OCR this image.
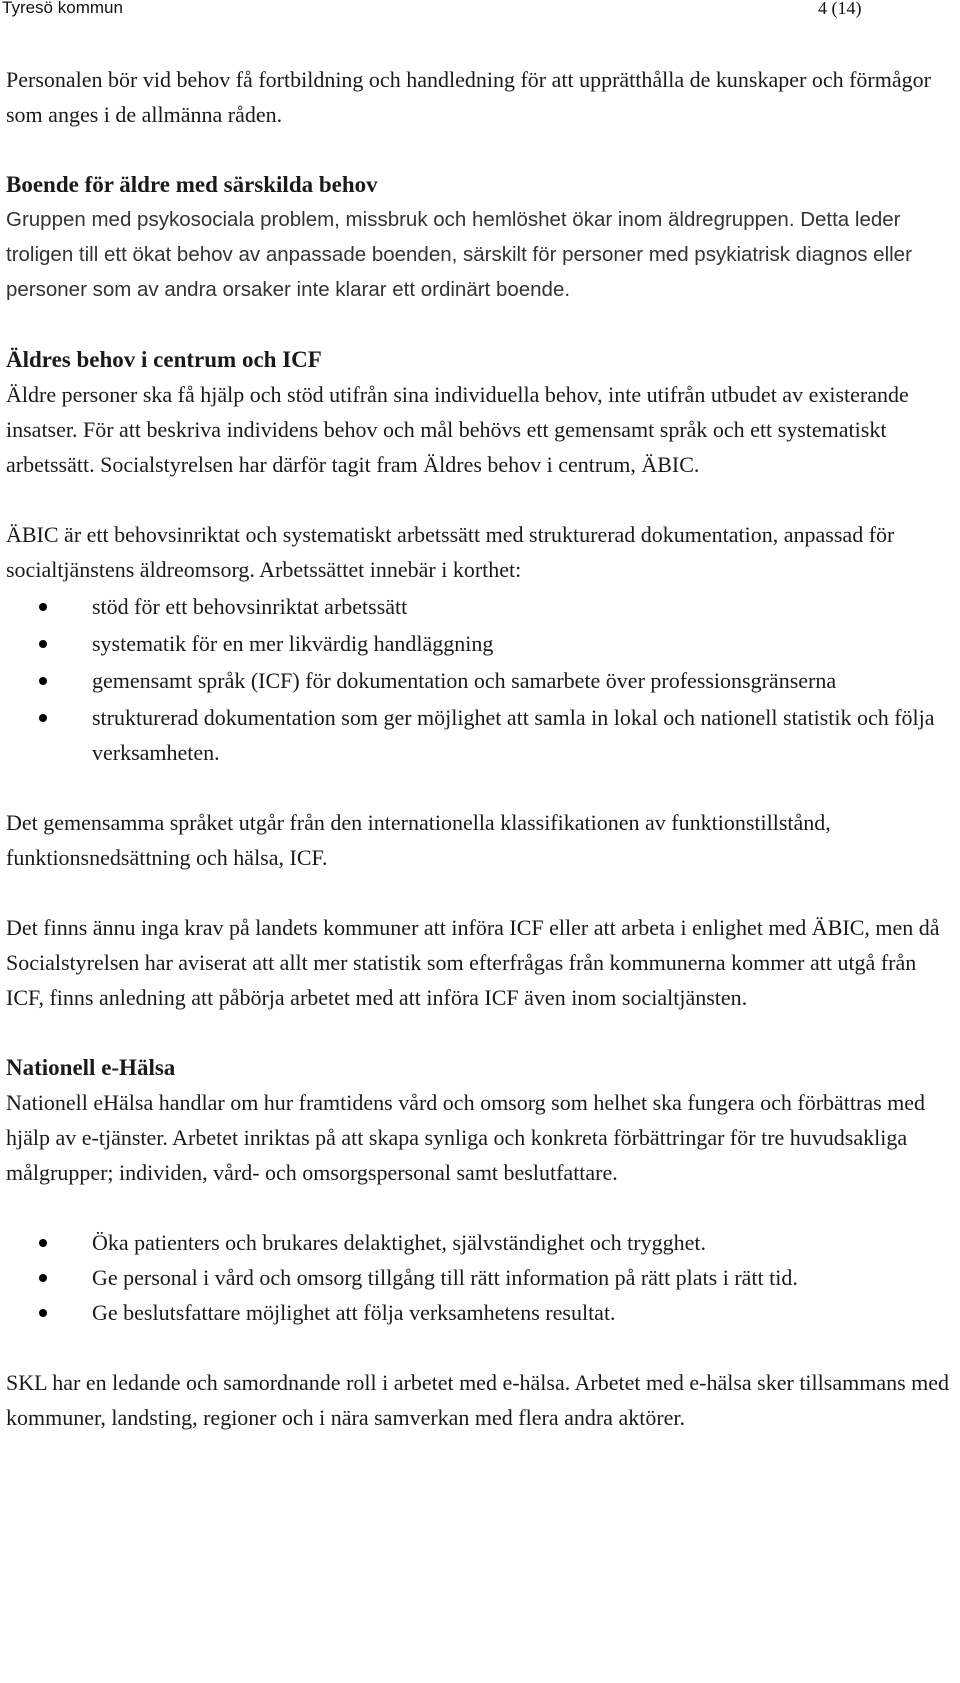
Tyresö kommun	4 (14)

Personalen bör vid behov få fortbildning och handledning för att upprätthålla de kunskaper och förmågor som anges i de allmänna råden.

Boende för äldre med särskilda behov

Gruppen med psykosociala problem, missbruk och hemlöshet ökar inom äldregruppen. Detta leder troligen till ett ökat behov av anpassade boenden, särskilt för personer med psykiatrisk diagnos eller personer som av andra orsaker inte klarar ett ordinärt boende.

Äldres behov i centrum och ICF

Äldre personer ska få hjälp och stöd utifrån sina individuella behov, inte utifrån utbudet av existerande insatser. För att beskriva individens behov och mål behövs ett gemensamt språk och ett systematiskt arbetssätt. Socialstyrelsen har därför tagit fram Äldres behov i centrum, ÄBIC.

ÄBIC är ett behovsinriktat och systematiskt arbetssätt med strukturerad dokumentation, anpassad för socialtjänstens äldreomsorg. Arbetssättet innebär i korthet:

stöd för ett behovsinriktat arbetssätt
systematik för en mer likvärdig handläggning
gemensamt språk (ICF) för dokumentation och samarbete över professionsgränserna
strukturerad dokumentation som ger möjlighet att samla in lokal och nationell statistik och följa verksamheten.

Det gemensamma språket utgår från den internationella klassifikationen av funktionstillstånd, funktionsnedsättning och hälsa, ICF.

Det finns ännu inga krav på landets kommuner att införa ICF eller att arbeta i enlighet med ÄBIC, men då Socialstyrelsen har aviserat att allt mer statistik som efterfrågas från kommunerna kommer att utgå från ICF, finns anledning att påbörja arbetet med att införa ICF även inom socialtjänsten.

Nationell e-Hälsa

Nationell eHälsa handlar om hur framtidens vård och omsorg som helhet ska fungera och förbättras med hjälp av e-tjänster. Arbetet inriktas på att skapa synliga och konkreta förbättringar för tre huvudsakliga målgrupper; individen, vård- och omsorgspersonal samt beslutfattare.

Öka patienters och brukares delaktighet, självständighet och trygghet.
Ge personal i vård och omsorg tillgång till rätt information på rätt plats i rätt tid.
Ge beslutsfattare möjlighet att följa verksamhetens resultat.

SKL har en ledande och samordnande roll i arbetet med e-hälsa. Arbetet med e-hälsa sker tillsammans med kommuner, landsting, regioner och i nära samverkan med flera andra aktörer.
